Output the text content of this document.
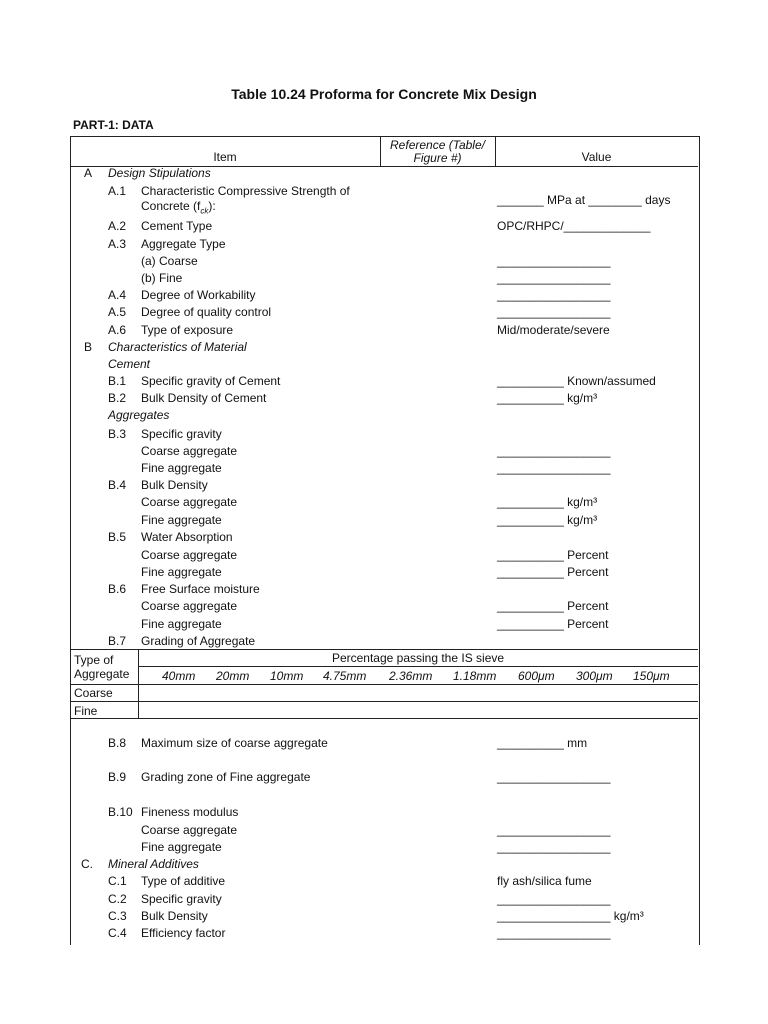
Table 10.24 Proforma for Concrete Mix Design
PART-1: DATA
Item
Reference (Table/
Figure #)	Value
A Design Stipulations
A.1 Characteristic Compressive Strength of
Concrete $(f_{ck})$:	_______ MPa at ________ days
A.2 Cement Type	OPC/RHPC/_____________
A.3 Aggregate Type
(a) Coarse	_________________
(b) Fine	_________________
A.4 Degree of Workability	_________________
A.5 Degree of quality control	_________________
A.6 Type of exposure	Mid/moderate/severe
B Characteristics of Material
Cement
B.1 Specific gravity of Cement	__________ Known/assumed
B.2 Bulk Density of Cement	__________ kg/m³
Aggregates
B.3 Specific gravity
Coarse aggregate	_________________
Fine aggregate	_________________
B.4 Bulk Density
Coarse aggregate	__________ kg/m³
Fine aggregate	__________ kg/m³
B.5 Water Absorption
Coarse aggregate	__________ Percent
Fine aggregate	__________ Percent
B.6 Free Surface moisture
Coarse aggregate	__________ Percent
Fine aggregate	__________ Percent
B.7 Grading of Aggregate
Type of
Aggregate
Percentage passing the IS sieve
40mm 20mm 10mm 4.75mm 2.36mm 1.18mm 600μm 300μm 150μm
Coarse
Fine
B.8 Maximum size of coarse aggregate	__________ mm
B.9 Grading zone of Fine aggregate	_________________
B.10 Fineness modulus
Coarse aggregate	_________________
Fine aggregate	_________________
C. Mineral Additives
C.1 Type of additive	fly ash/silica fume
C.2 Specific gravity	_________________
C.3 Bulk Density	_________________ kg/m³
C.4 Efficiency factor	_________________
